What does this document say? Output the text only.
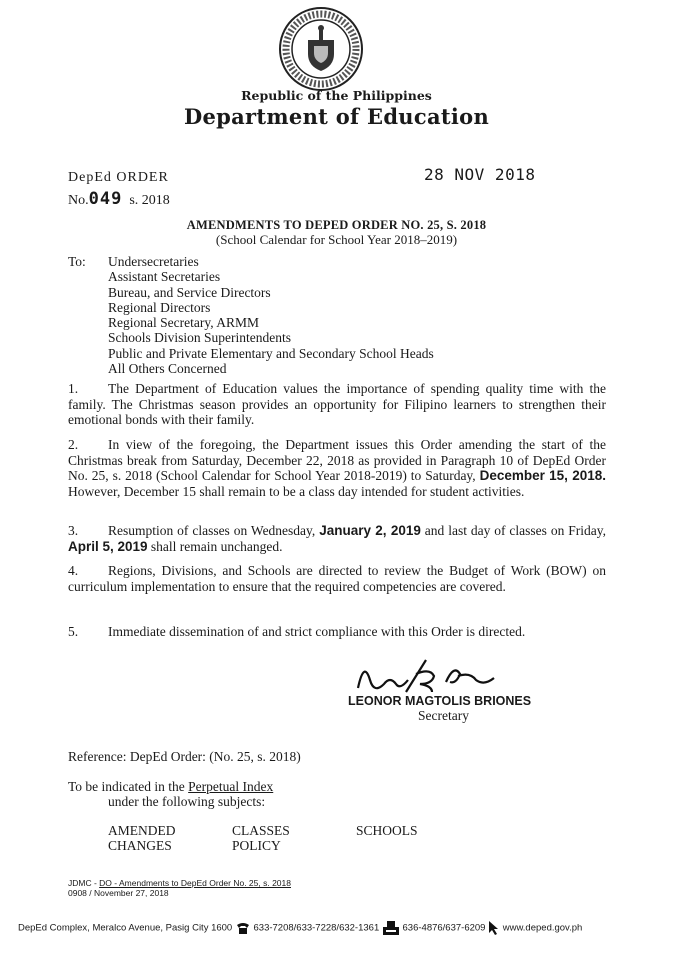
Republic of the Philippines
Department of Education
DepEd ORDER
No.049 s. 2018
28 NOV 2018
AMENDMENTS TO DEPED ORDER NO. 25, S. 2018
(School Calendar for School Year 2018–2019)
To: Undersecretaries
Assistant Secretaries
Bureau, and Service Directors
Regional Directors
Regional Secretary, ARMM
Schools Division Superintendents
Public and Private Elementary and Secondary School Heads
All Others Concerned

1. The Department of Education values the importance of spending quality time with the family. The Christmas season provides an opportunity for Filipino learners to strengthen their emotional bonds with their family.

2. In view of the foregoing, the Department issues this Order amending the start of the Christmas break from Saturday, December 22, 2018 as provided in Paragraph 10 of DepEd Order No. 25, s. 2018 (School Calendar for School Year 2018-2019) to Saturday, December 15, 2018. However, December 15 shall remain to be a class day intended for student activities.

3. Resumption of classes on Wednesday, January 2, 2019 and last day of classes on Friday, April 5, 2019 shall remain unchanged.

4. Regions, Divisions, and Schools are directed to review the Budget of Work (BOW) on curriculum implementation to ensure that the required competencies are covered.

5. Immediate dissemination of and strict compliance with this Order is directed.

LEONOR MAGTOLIS BRIONES
Secretary
Reference: DepEd Order: (No. 25, s. 2018)
To be indicated in the Perpetual Index
under the following subjects:
AMENDED
CHANGES
CLASSES
POLICY
SCHOOLS
JDMC - DO - Amendments to DepEd Order No. 25, s. 2018
0908 / November 27, 2018
DepEd Complex, Meralco Avenue, Pasig City 1600 633-7208/633-7228/632-1361 636-4876/637-6209 www.deped.gov.ph
